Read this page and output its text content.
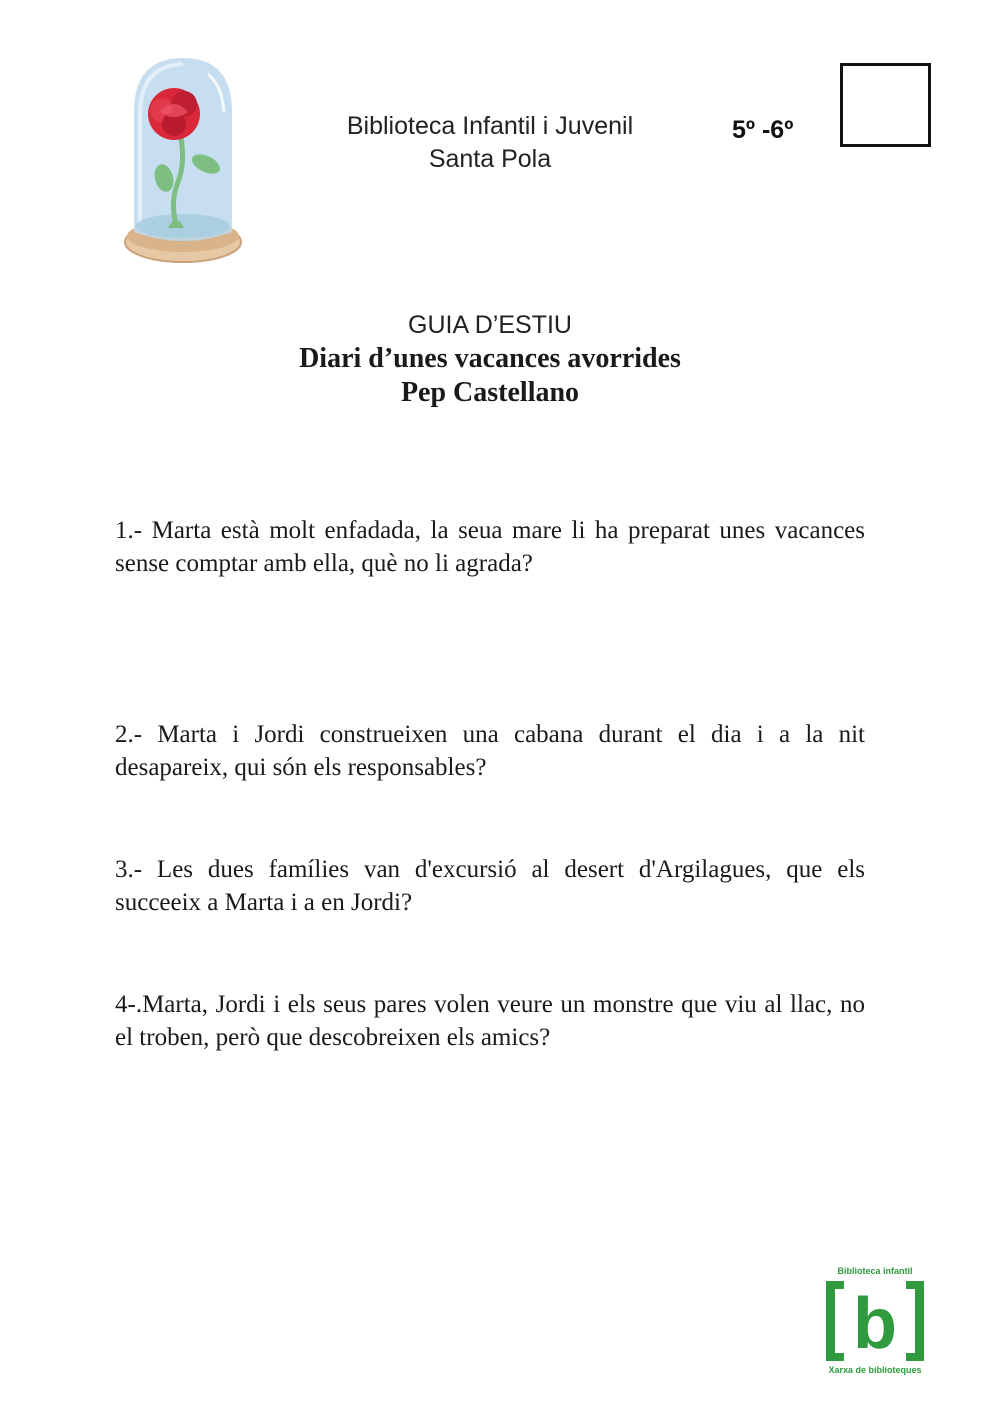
Biblioteca Infantil i Juvenil
Santa Pola
5º -6º
GUIA D’ESTIU
Diari d’unes vacances avorrides
Pep Castellano
1.- Marta està molt enfadada, la seua mare li ha preparat unes vacances sense comptar amb ella, què no li agrada?
2.- Marta i Jordi construeixen una cabana durant el dia i a la nit desapareix, qui són els responsables?
3.- Les dues famílies van d'excursió al desert d'Argilagues, que els succeeix a Marta i a en Jordi?
4-.Marta, Jordi i els seus pares volen veure un monstre que viu al llac, no el troben, però que descobreixen els amics?
Biblioteca infantil
b
Xarxa de biblioteques
